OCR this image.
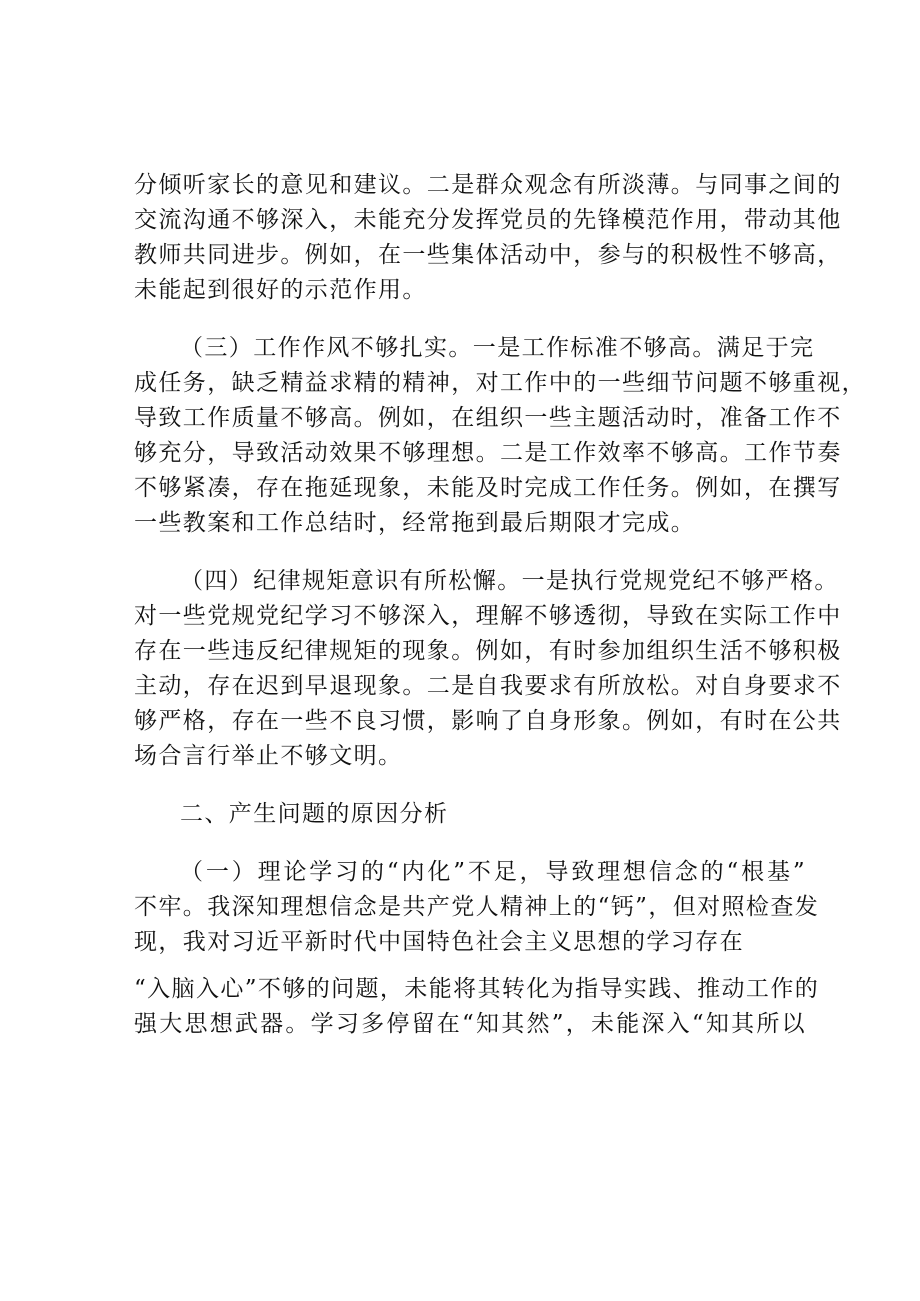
分倾听家长的意见和建议。二是群众观念有所淡薄。与同事之间的
交流沟通不够深入，未能充分发挥党员的先锋模范作用，带动其他
教师共同进步。例如，在一些集体活动中，参与的积极性不够高，
未能起到很好的示范作用。
（三）工作作风不够扎实。一是工作标准不够高。满足于完
成任务，缺乏精益求精的精神，对工作中的一些细节问题不够重视，
导致工作质量不够高。例如，在组织一些主题活动时，准备工作不
够充分，导致活动效果不够理想。二是工作效率不够高。工作节奏
不够紧凑，存在拖延现象，未能及时完成工作任务。例如，在撰写
一些教案和工作总结时，经常拖到最后期限才完成。
（四）纪律规矩意识有所松懈。一是执行党规党纪不够严格。
对一些党规党纪学习不够深入，理解不够透彻，导致在实际工作中
存在一些违反纪律规矩的现象。例如，有时参加组织生活不够积极
主动，存在迟到早退现象。二是自我要求有所放松。对自身要求不
够严格，存在一些不良习惯，影响了自身形象。例如，有时在公共
场合言行举止不够文明。
二、产生问题的原因分析
（一）理论学习的“内化”不足，导致理想信念的“根基”
不牢。我深知理想信念是共产党人精神上的“钙”，但对照检查发
现，我对习近平新时代中国特色社会主义思想的学习存在
“入脑入心”不够的问题，未能将其转化为指导实践、推动工作的
强大思想武器。学习多停留在“知其然”，未能深入“知其所以
